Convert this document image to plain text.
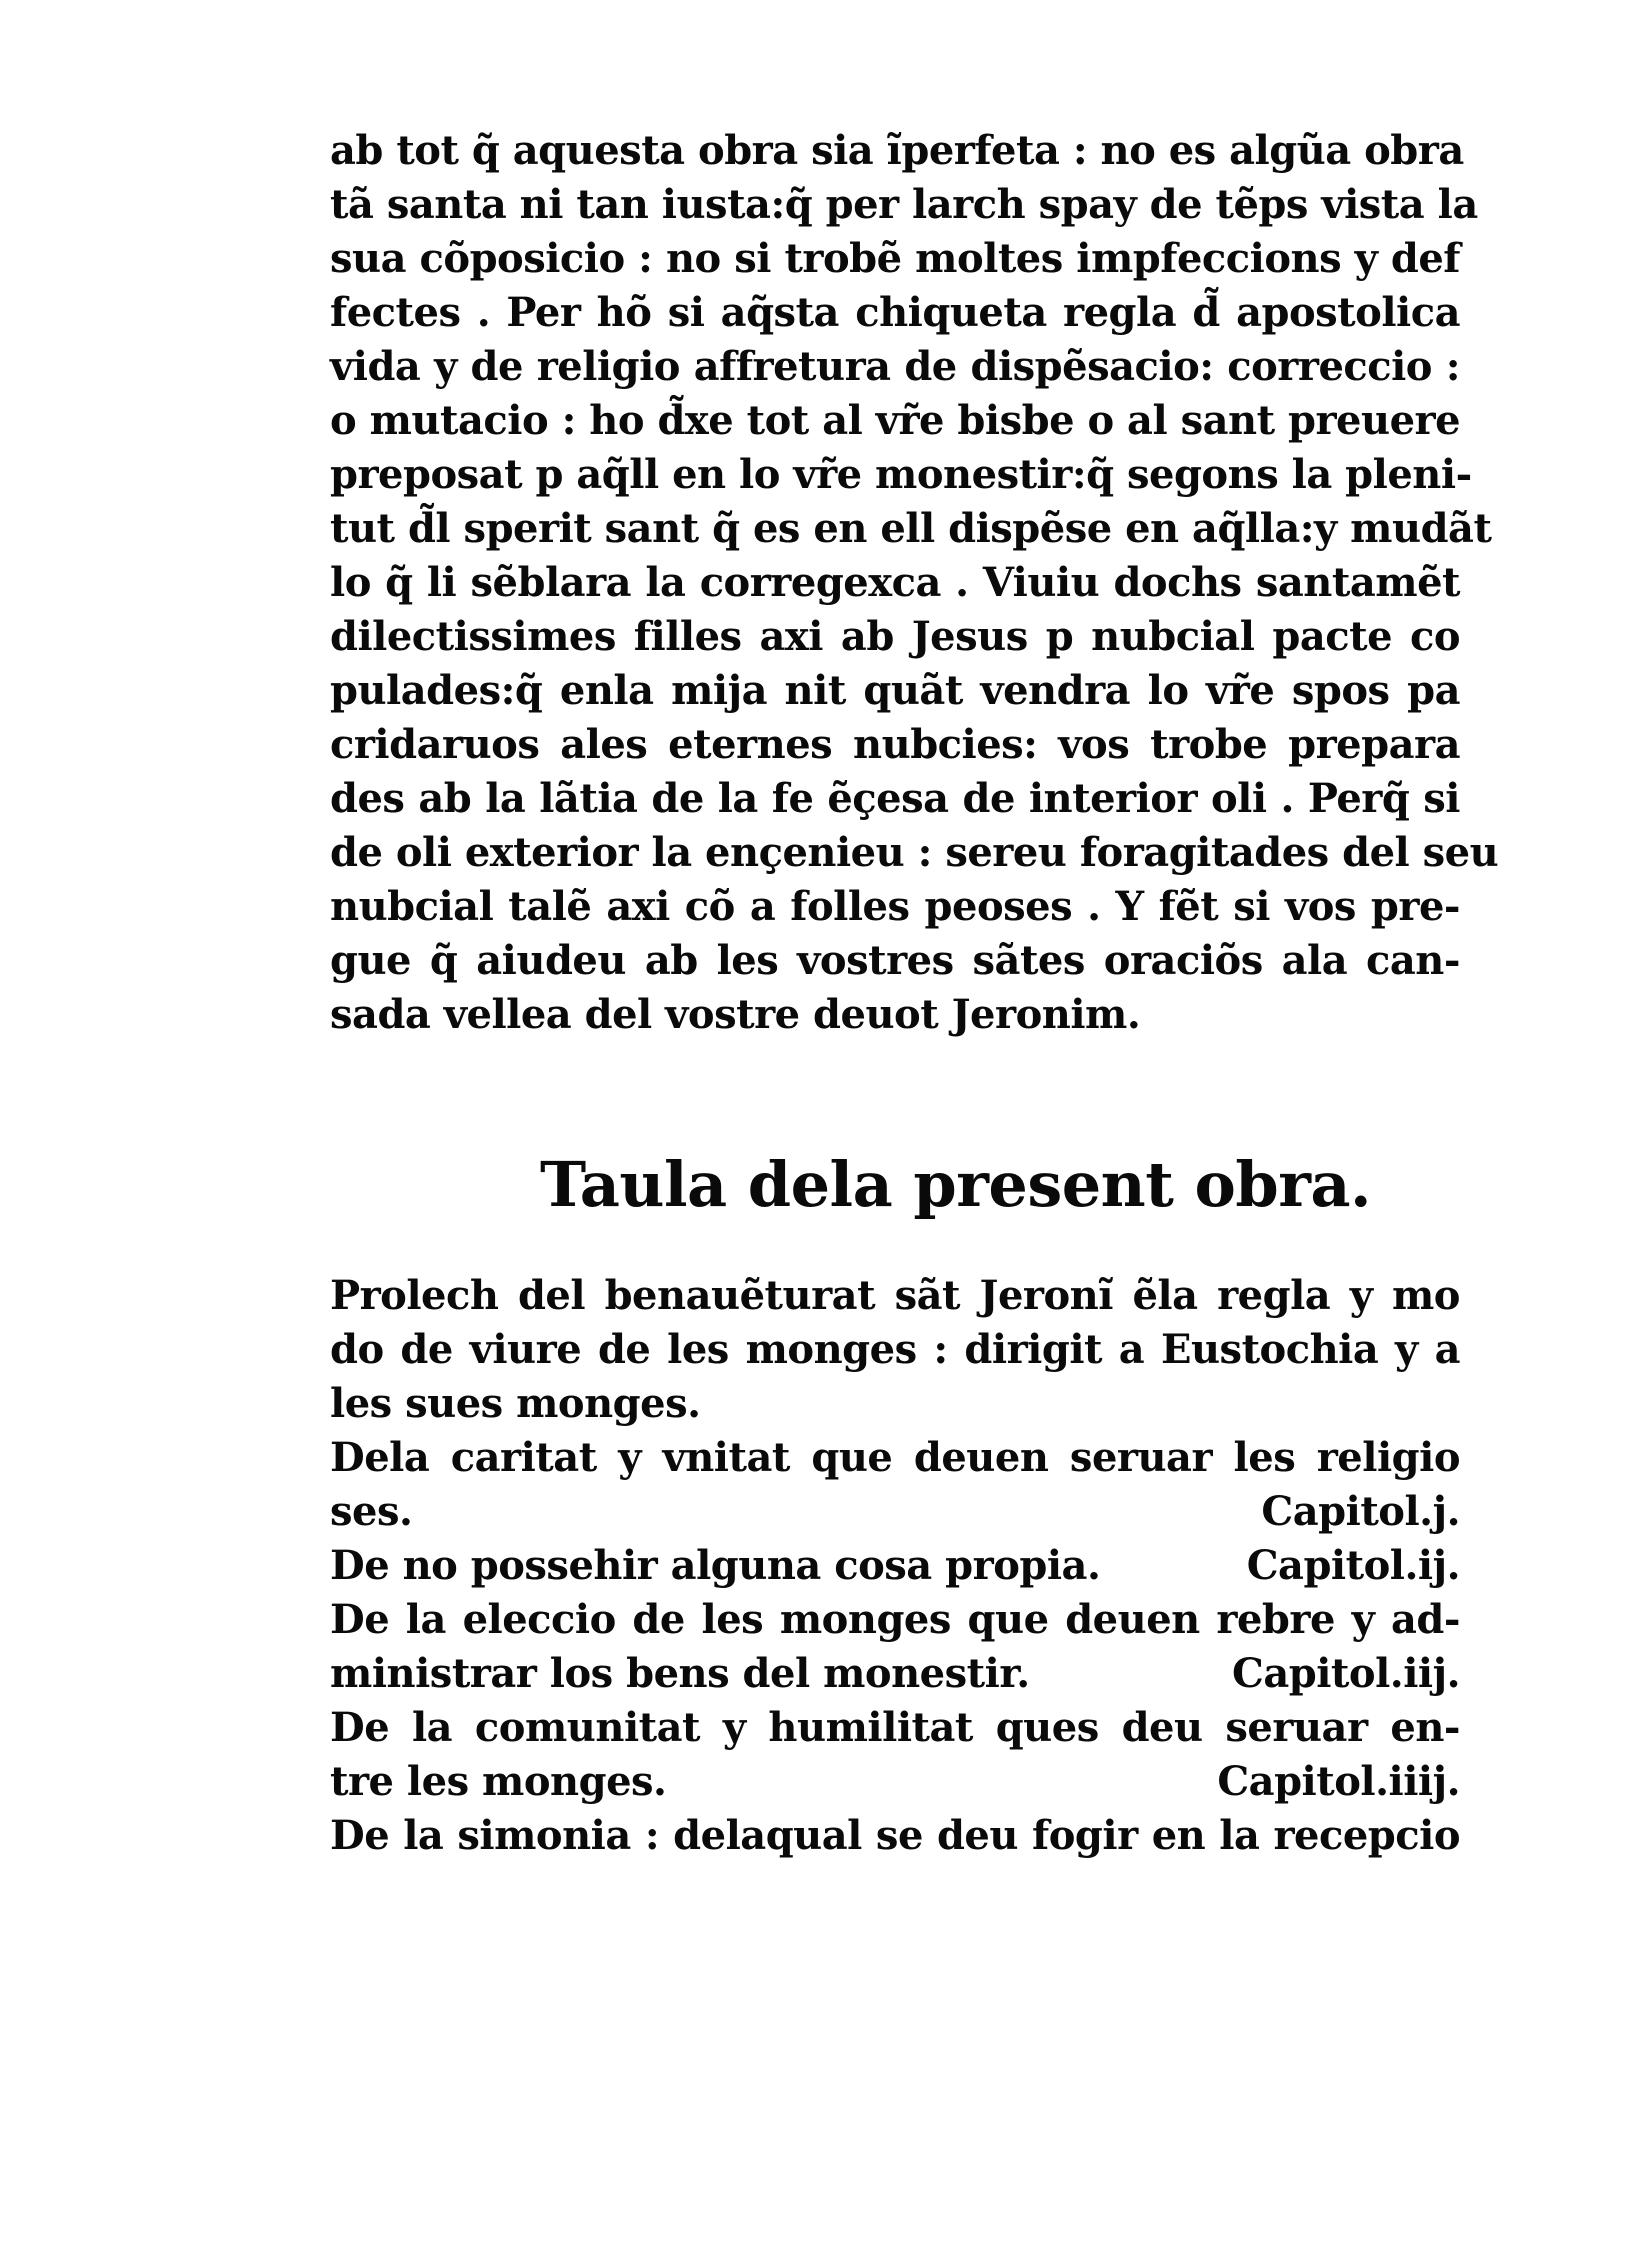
ab tot q̃ aquesta obra sia ĩperfeta : no es algũa obra
tã santa ni tan iusta:q̃ per larch spay de tẽps vista la
sua cõposicio : no si trobẽ moltes impfeccions y def
fectes . Per hõ si aq̃sta chiqueta regla d̃ apostolica
vida y de religio affretura de dispẽsacio: correccio :
o mutacio : ho d̃xe tot al vr̃e bisbe o al sant preuere
preposat p aq̃ll en lo vr̃e monestir:q̃ segons la pleni-
tut d̃l sperit sant q̃ es en ell dispẽse en aq̃lla:y mudãt
lo q̃ li sẽblara la corregexca . Viuiu dochs santamẽt
dilectissimes filles axi ab Jesus p nubcial pacte co
pulades:q̃ enla mija nit quãt vendra lo vr̃e spos pa
cridaruos ales eternes nubcies: vos trobe prepara
des ab la lãtia de la fe ẽçesa de interior oli . Perq̃ si
de oli exterior la ençenieu : sereu foragitades del seu
nubcial talẽ axi cõ a folles peoses . Y fẽt si vos pre-
gue q̃ aiudeu ab les vostres sãtes oraciõs ala can-
sada vellea del vostre deuot Jeronim.
Taula dela present obra.
Prolech del benauẽturat sãt Jeronĩ ẽla regla y mo
do de viure de les monges : dirigit a Eustochia y a
les sues monges.
Dela caritat y vnitat que deuen seruar les religio
ses.	Capitol.j.
De no possehir alguna cosa propia.	Capitol.ij.
De la eleccio de les monges que deuen rebre y ad-
ministrar los bens del monestir.	Capitol.iij.
De la comunitat y humilitat ques deu seruar en-
tre les monges.	Capitol.iiij.
De la simonia : delaqual se deu fogir en la recepcio
